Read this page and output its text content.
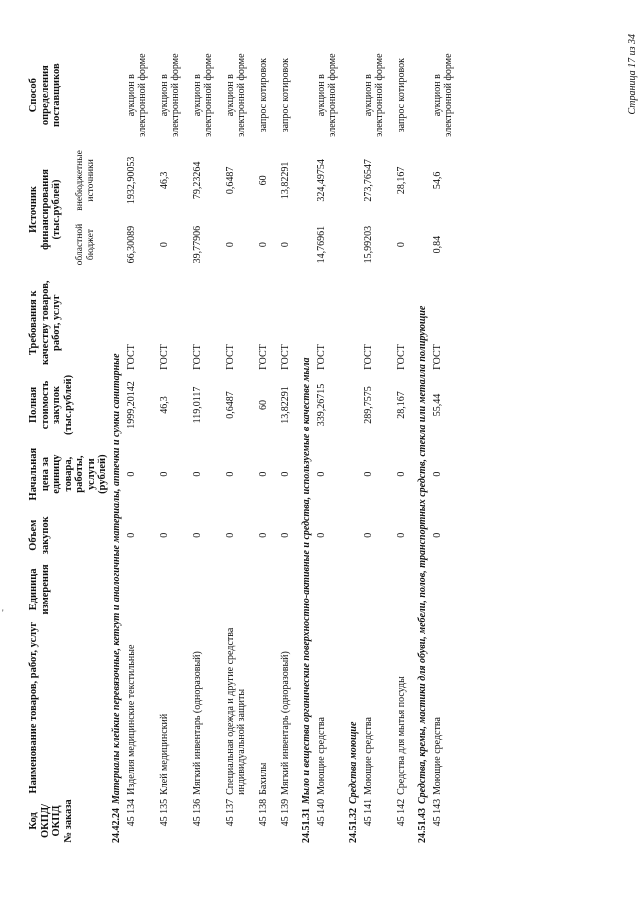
Код ОКПД/ ОКПД № заказа	Наименование товаров, работ, услуг	Единица измерения	Объем закупок	Начальная цена за единицу товара, работы, услуги (рублей)	Полная стоимость закупок (тыс.рублей)	Требования к качеству товаров, работ, услуг	Источник финансирования (тыс.рублей)		Способ определения поставщиков
							областной бюджет	внебюджетные источники	
24.42.24Материалы клейкие перевязочные, кетгут и аналогичные материалы, аптечки и сумки санитарные									
45 134	Изделия медицинские текстильные		0	0	1999,20142	ГОСТ	66,30089	1932,90053	аукцион в электронной форме
45 135	Клей медицинский		0	0	46,3	ГОСТ	0	46,3	аукцион в электронной форме
45 136	Мягкий инвентарь (одноразовый)		0	0	119,0117	ГОСТ	39,77906	79,23264	аукцион в электронной форме
45 137	Специальная одежда и другие средства индивидуальной защиты		0	0	0,6487	ГОСТ	0	0,6487	аукцион в электронной форме
45 138	Бахилы		0	0	60	ГОСТ	0	60	запрос котировок
45 139	Мягкий инвентарь (одноразовый)		0	0	13,82291	ГОСТ	0	13,82291	запрос котировок
24.51.31Мыло и вещества органические поверхностно-активные и средства, используемые в качестве мыла									
45 140	Моющие средства		0	0	339,26715	ГОСТ	14,76961	324,49754	аукцион в электронной форме
24.51.32Средства моющие									
45 141	Моющие средства		0	0	289,7575	ГОСТ	15,99203	273,76547	аукцион в электронной форме
45 142	Средства для мытья посуды		0	0	28,167	ГОСТ	0	28,167	запрос котировок
24.51.43Средства, кремы, мастики для обуви, мебели, полов, транспортных средств, стекла или металла полирующие									
45 143	Моющие средства		0	0	55,44	ГОСТ	0,84	54,6	аукцион в электронной форме	Страница 17 из 34
'
